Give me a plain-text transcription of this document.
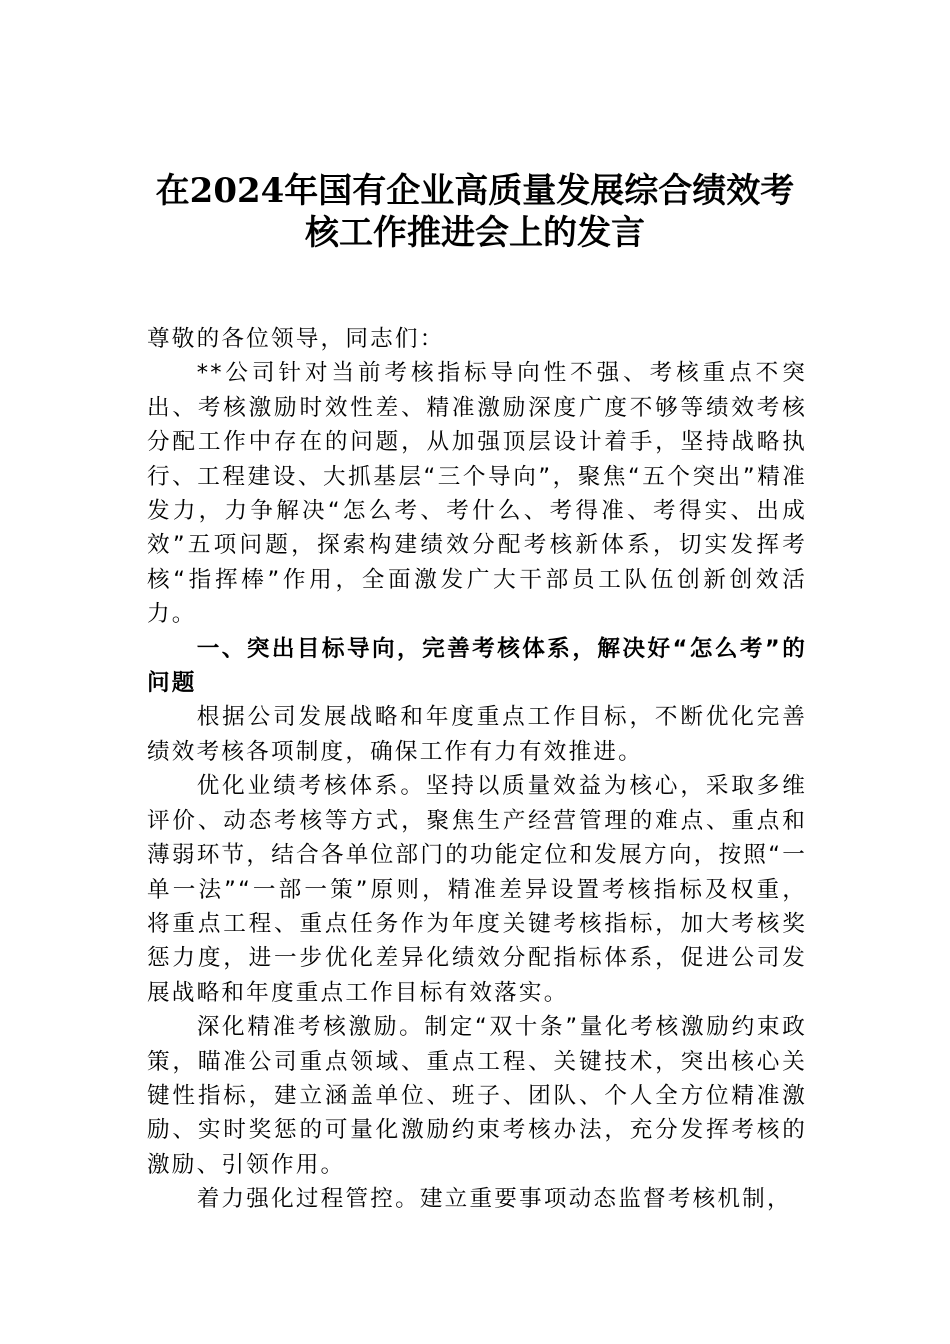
在2024年国有企业高质量发展综合绩效考
核工作推进会上的发言

尊敬的各位领导，同志们：

**公司针对当前考核指标导向性不强、考核重点不突出、考核激励时效性差、精准激励深度广度不够等绩效考核分配工作中存在的问题，从加强顶层设计着手，坚持战略执行、工程建设、大抓基层“三个导向”，聚焦“五个突出”精准发力，力争解决“怎么考、考什么、考得准、考得实、出成效”五项问题，探索构建绩效分配考核新体系，切实发挥考核“指挥棒”作用，全面激发广大干部员工队伍创新创效活力。

一、突出目标导向，完善考核体系，解决好“怎么考”的问题

根据公司发展战略和年度重点工作目标，不断优化完善绩效考核各项制度，确保工作有力有效推进。

优化业绩考核体系。坚持以质量效益为核心，采取多维评价、动态考核等方式，聚焦生产经营管理的难点、重点和薄弱环节，结合各单位部门的功能定位和发展方向，按照“一单一法”“一部一策”原则，精准差异设置考核指标及权重，将重点工程、重点任务作为年度关键考核指标，加大考核奖惩力度，进一步优化差异化绩效分配指标体系，促进公司发展战略和年度重点工作目标有效落实。

深化精准考核激励。制定“双十条”量化考核激励约束政策，瞄准公司重点领域、重点工程、关键技术，突出核心关键性指标，建立涵盖单位、班子、团队、个人全方位精准激励、实时奖惩的可量化激励约束考核办法，充分发挥考核的激励、引领作用。

着力强化过程管控。建立重要事项动态监督考核机制，
